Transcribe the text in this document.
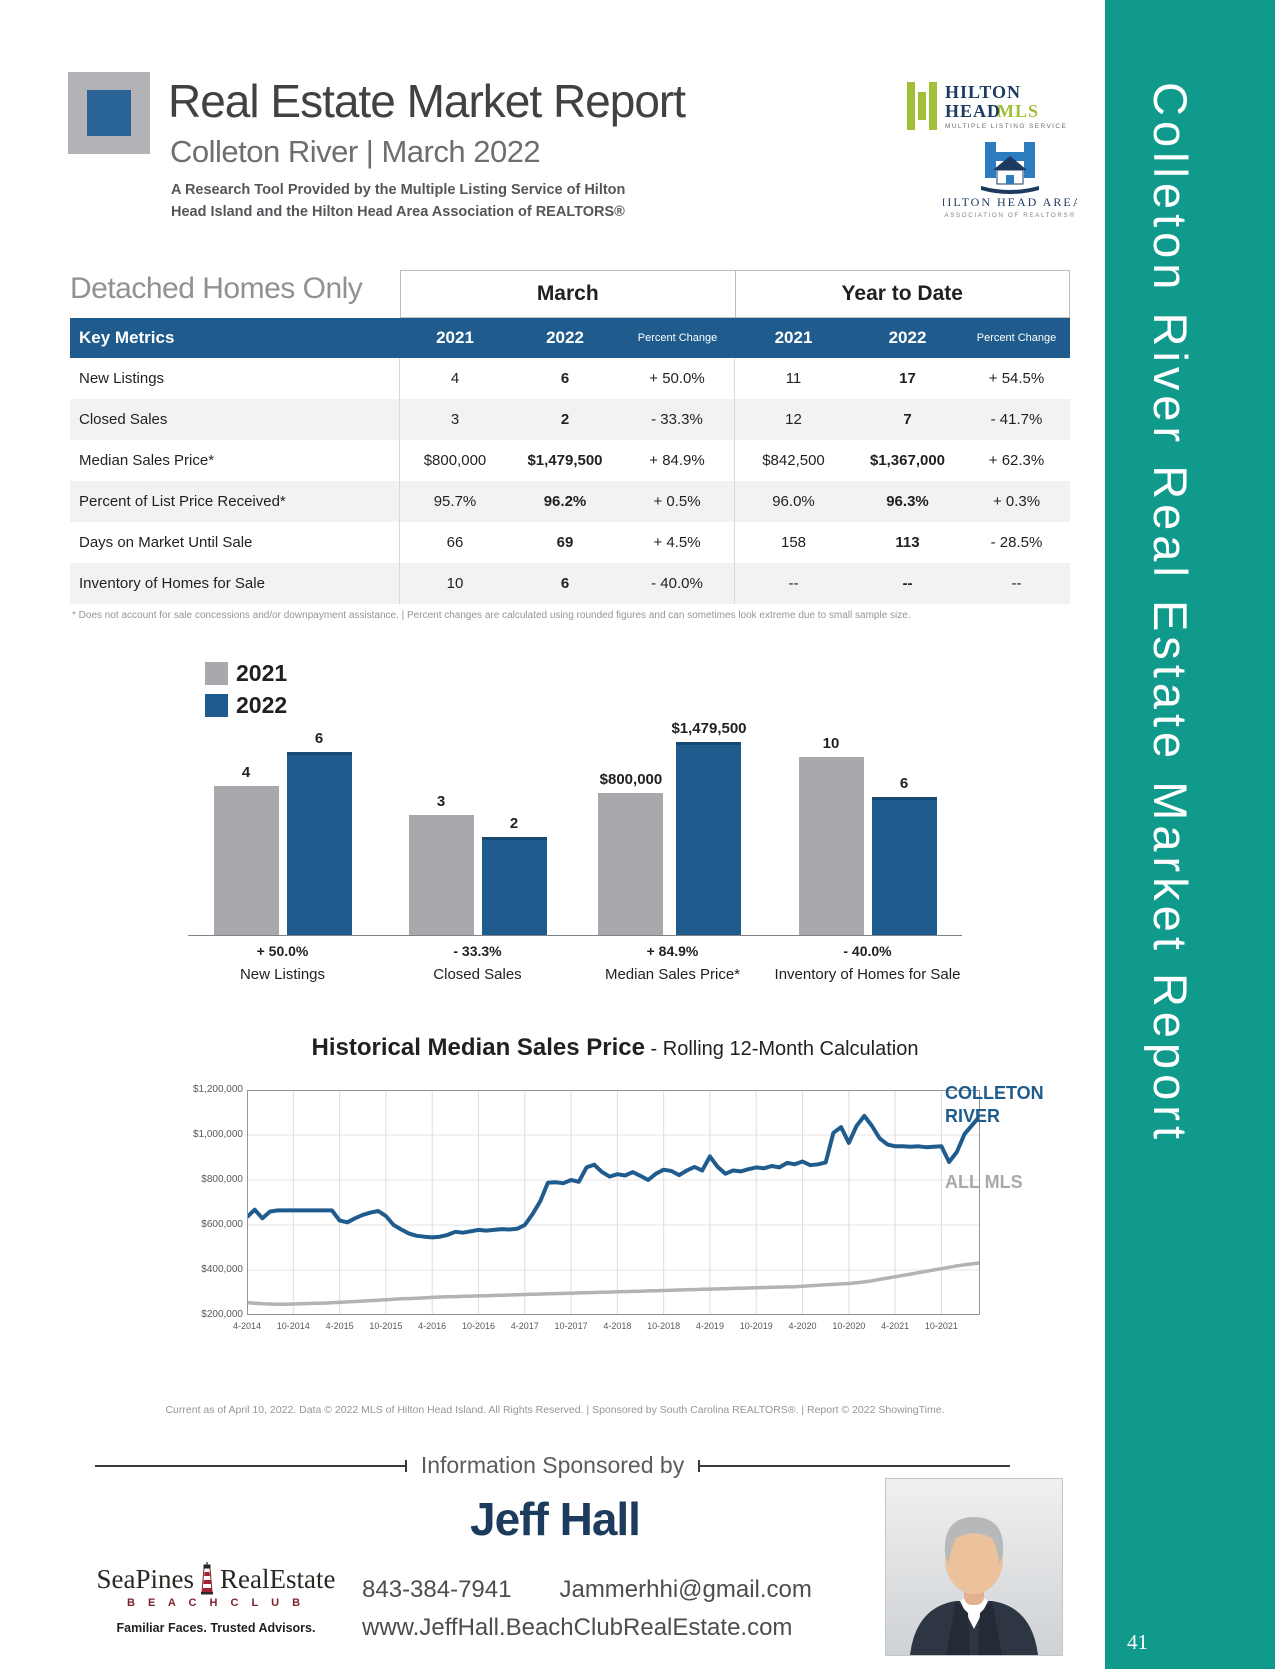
Colleton River Real Estate Market Report
41
Real Estate Market Report
Colleton River | March 2022
A Research Tool Provided by the Multiple Listing Service of Hilton
Head Island and the Hilton Head Area Association of REALTORS®
HILTON
HEAD
MLS
MULTIPLE LISTING SERVICE
HILTON HEAD AREA
ASSOCIATION OF REALTORS®
Detached Homes Only	March	Year to Date
Key Metrics	2021	2022	Percent Change	2021	2022	Percent Change
New Listings	4	6	+ 50.0%	11	17	+ 54.5%
Closed Sales	3	2	- 33.3%	12	7	- 41.7%
Median Sales Price*	$800,000	$1,479,500	+ 84.9%	$842,500	$1,367,000	+ 62.3%
Percent of List Price Received*	95.7%	96.2%	+ 0.5%	96.0%	96.3%	+ 0.3%
Days on Market Until Sale	66	69	+ 4.5%	158	113	- 28.5%
Inventory of Homes for Sale	10	6	- 40.0%	--	--	--
* Does not account for sale concessions and/or downpayment assistance. | Percent changes are calculated using rounded figures and can sometimes look extreme due to small sample size.
2021
2022
4
6
3
2
$800,000
$1,479,500
10
6
+ 50.0%
New Listings
- 33.3%
Closed Sales
+ 84.9%
Median Sales Price*
- 40.0%
Inventory of Homes for Sale
Historical Median Sales Price - Rolling 12-Month Calculation
$1,200,000
$1,000,000
$800,000
$600,000
$400,000
$200,000
4-2014	10-2014	4-2015	10-2015	4-2016	10-2016	4-2017	10-2017	4-2018	10-2018	4-2019	10-2019	4-2020	10-2020	4-2021	10-2021
COLLETON RIVER
ALL MLS
Current as of April 10, 2022. Data © 2022 MLS of Hilton Head Island. All Rights Reserved. | Sponsored by South Carolina REALTORS®. | Report © 2022 ShowingTime.
Information Sponsored by
Jeff Hall
SeaPines RealEstate
B E A C H C L U B
Familiar Faces. Trusted Advisors.
843-384-7941 Jammerhhi@gmail.com
www.JeffHall.BeachClubRealEstate.com
